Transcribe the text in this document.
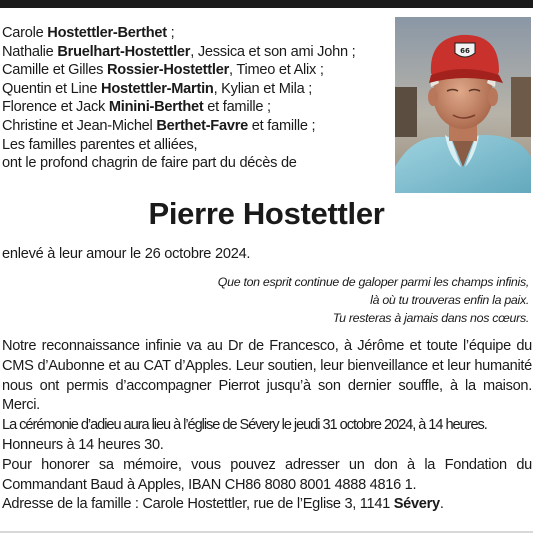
Carole Hostettler-Berthet ;
Nathalie Bruelhart-Hostettler, Jessica et son ami John ;
Camille et Gilles Rossier-Hostettler, Timeo et Alix ;
Quentin et Line Hostettler-Martin, Kylian et Mila ;
Florence et Jack Minini-Berthet et famille ;
Christine et Jean-Michel Berthet-Favre et famille ;
Les familles parentes et alliées,
ont le profond chagrin de faire part du décès de
66
Pierre Hostettler
enlevé à leur amour le 26 octobre 2024.
Que ton esprit continue de galoper parmi les champs infinis,
là où tu trouveras enfin la paix.
Tu resteras à jamais dans nos cœurs.

Notre reconnaissance infinie va au Dr de Francesco, à Jérôme et toute l’équipe du CMS d’Aubonne et au CAT d’Apples. Leur soutien, leur bienveillance et leur humanité nous ont permis d’accompagner Pierrot jusqu’à son dernier souffle, à la maison. Merci.

La cérémonie d’adieu aura lieu à l’église de Sévery le jeudi 31 octobre 2024, à 14 heures.

Honneurs à 14 heures 30.

Pour honorer sa mémoire, vous pouvez adresser un don à la Fondation du Commandant Baud à Apples, IBAN CH86 8080 8001 4888 4816 1.

Adresse de la famille : Carole Hostettler, rue de l’Eglise 3, 1141 Sévery.
